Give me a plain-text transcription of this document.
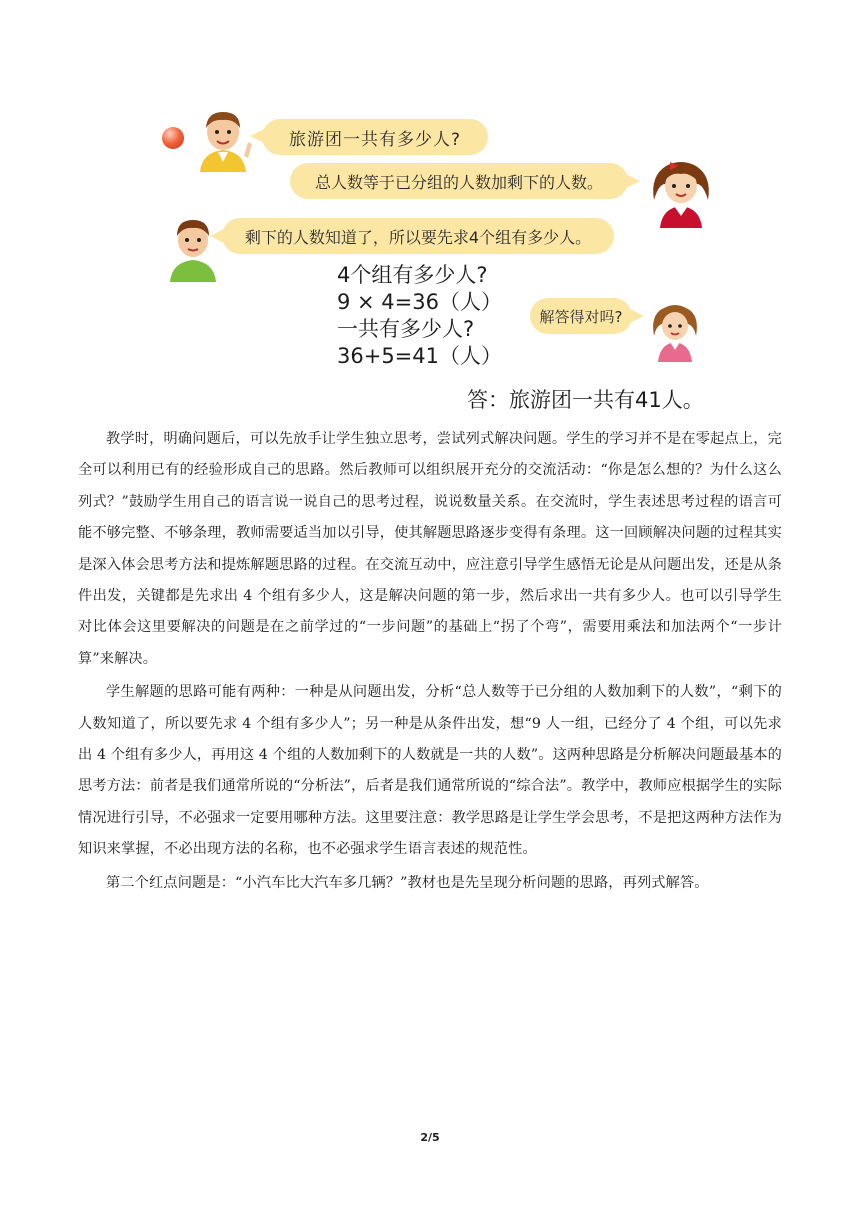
旅游团一共有多少人?
总人数等于已分组的人数加剩下的人数。
剩下的人数知道了，所以要先求4个组有多少人。
解答得对吗?
4个组有多少人?
9 × 4=36（人）
一共有多少人?
36+5=41（人）
答：旅游团一共有41人。

教学时，明确问题后，可以先放手让学生独立思考，尝试列式解决问题。学生的学习并不是在零起点上，完全可以利用已有的经验形成自己的思路。然后教师可以组织展开充分的交流活动：“你是怎么想的？为什么这么列式？”鼓励学生用自己的语言说一说自己的思考过程，说说数量关系。在交流时，学生表述思考过程的语言可能不够完整、不够条理，教师需要适当加以引导，使其解题思路逐步变得有条理。这一回顾解决问题的过程其实是深入体会思考方法和提炼解题思路的过程。在交流互动中，应注意引导学生感悟无论是从问题出发，还是从条件出发，关键都是先求出 4 个组有多少人，这是解决问题的第一步，然后求出一共有多少人。也可以引导学生对比体会这里要解决的问题是在之前学过的“一步问题”的基础上“拐了个弯”，需要用乘法和加法两个“一步计算”来解决。

学生解题的思路可能有两种：一种是从问题出发，分析“总人数等于已分组的人数加剩下的人数”，“剩下的人数知道了，所以要先求 4 个组有多少人”；另一种是从条件出发，想“9 人一组，已经分了 4 个组，可以先求出 4 个组有多少人，再用这 4 个组的人数加剩下的人数就是一共的人数”。这两种思路是分析解决问题最基本的思考方法：前者是我们通常所说的“分析法”，后者是我们通常所说的“综合法”。教学中，教师应根据学生的实际情况进行引导，不必强求一定要用哪种方法。这里要注意：教学思路是让学生学会思考，不是把这两种方法作为知识来掌握，不必出现方法的名称，也不必强求学生语言表述的规范性。

第二个红点问题是：“小汽车比大汽车多几辆？”教材也是先呈现分析问题的思路，再列式解答。

2/5
